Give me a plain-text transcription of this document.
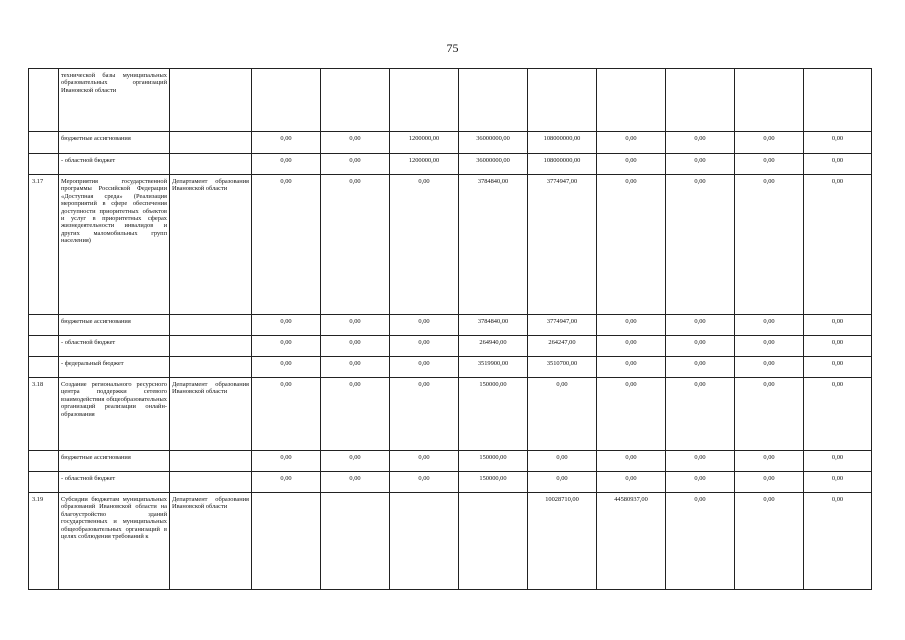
75

	технической базы муниципальных образовательных организаций Ивановской области										

	бюджетные ассигнования		0,00	0,00	1200000,00	36000000,00	108000000,00	0,00	0,00	0,00	0,00

	- областной бюджет		0,00	0,00	1200000,00	36000000,00	108000000,00	0,00	0,00	0,00	0,00

3.17	Мероприятия государственной программы Российской Федерации «Доступная среда» (Реализация мероприятий в сфере обеспечения доступности приоритетных объектов и услуг в приоритетных сферах жизнедеятельности инвалидов и других маломобильных групп населения)	Департамент образования Ивановской области	0,00	0,00	0,00	3784840,00	3774947,00	0,00	0,00	0,00	0,00

	бюджетные ассигнования		0,00	0,00	0,00	3784840,00	3774947,00	0,00	0,00	0,00	0,00

	- областной бюджет		0,00	0,00	0,00	264940,00	264247,00	0,00	0,00	0,00	0,00

	- федеральный бюджет		0,00	0,00	0,00	3519900,00	3510700,00	0,00	0,00	0,00	0,00

3.18	Создание регионального ресурсного центра поддержки сетевого взаимодействия общеобразовательных организаций реализации онлайн-образования	Департамент образования Ивановской области	0,00	0,00	0,00	150000,00	0,00	0,00	0,00	0,00	0,00

	бюджетные ассигнования		0,00	0,00	0,00	150000,00	0,00	0,00	0,00	0,00	0,00

	- областной бюджет		0,00	0,00	0,00	150000,00	0,00	0,00	0,00	0,00	0,00

3.19	Субсидии бюджетам муниципальных образований Ивановской области на благоустройство зданий государственных и муниципальных общеобразовательных организаций в целях соблюдения требований к	Департамент образования Ивановской области					10028710,00	44580937,00	0,00	0,00	0,00
